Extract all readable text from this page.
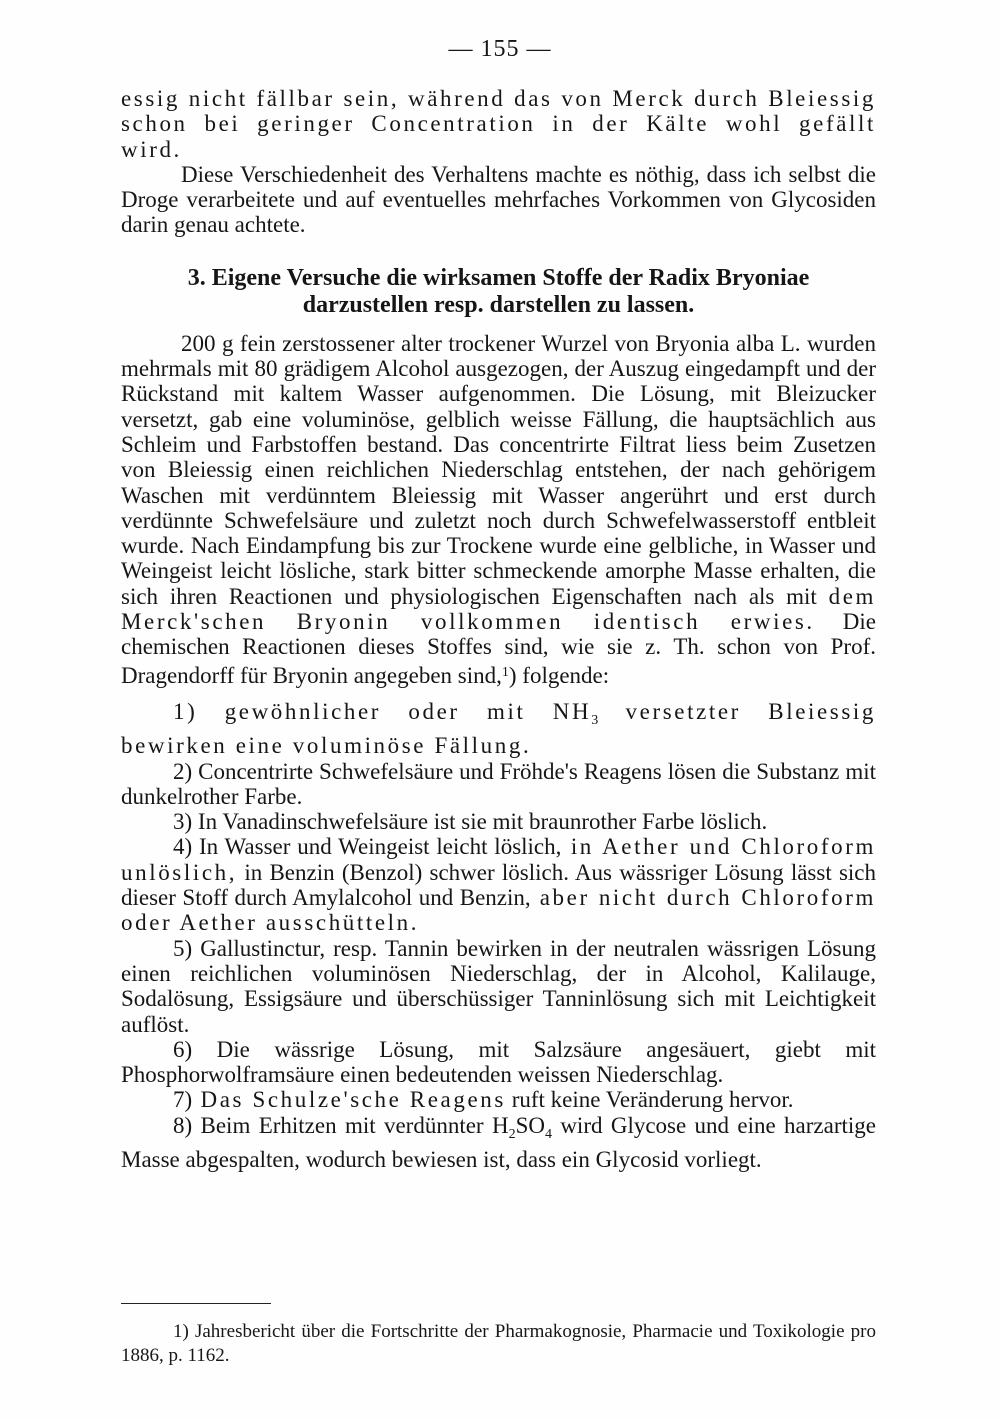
— 155 —

essig nicht fällbar sein, während das von Merck durch Bleiessig schon bei geringer Concentration in der Kälte wohl gefällt wird.

Diese Verschiedenheit des Verhaltens machte es nöthig, dass ich selbst die Droge verarbeitete und auf eventuelles mehrfaches Vorkommen von Glycosiden darin genau achtete.

3. Eigene Versuche die wirksamen Stoffe der Radix Bryoniae
darzustellen resp. darstellen zu lassen.

200 g fein zerstossener alter trockener Wurzel von Bryonia alba L. wurden mehrmals mit 80 grädigem Alcohol ausgezogen, der Auszug eingedampft und der Rückstand mit kaltem Wasser aufgenommen. Die Lösung, mit Bleizucker versetzt, gab eine voluminöse, gelblich weisse Fällung, die hauptsächlich aus Schleim und Farbstoffen bestand. Das concentrirte Filtrat liess beim Zusetzen von Bleiessig einen reichlichen Niederschlag entstehen, der nach gehörigem Waschen mit verdünntem Bleiessig mit Wasser angerührt und erst durch verdünnte Schwefelsäure und zuletzt noch durch Schwefelwasserstoff entbleit wurde. Nach Eindampfung bis zur Trockene wurde eine gelbliche, in Wasser und Weingeist leicht lösliche, stark bitter schmeckende amorphe Masse erhalten, die sich ihren Reactionen und physiologischen Eigenschaften nach als mit dem Merck'schen Bryonin vollkommen identisch erwies. Die chemischen Reactionen dieses Stoffes sind, wie sie z. Th. schon von Prof. Dragendorff für Bryonin angegeben sind,$^1$) folgende:

1) gewöhnlicher oder mit $NH_3$ versetzter Bleiessig bewirken eine voluminöse Fällung.

2) Concentrirte Schwefelsäure und Fröhde's Reagens lösen die Substanz mit dunkelrother Farbe.

3) In Vanadinschwefelsäure ist sie mit braunrother Farbe löslich.

4) In Wasser und Weingeist leicht löslich, in Aether und Chloroform unlöslich, in Benzin (Benzol) schwer löslich. Aus wässriger Lösung lässt sich dieser Stoff durch Amylalcohol und Benzin, aber nicht durch Chloroform oder Aether ausschütteln.

5) Gallustinctur, resp. Tannin bewirken in der neutralen wässrigen Lösung einen reichlichen voluminösen Niederschlag, der in Alcohol, Kalilauge, Sodalösung, Essigsäure und überschüssiger Tanninlösung sich mit Leichtigkeit auflöst.

6) Die wässrige Lösung, mit Salzsäure angesäuert, giebt mit Phosphorwolframsäure einen bedeutenden weissen Niederschlag.

7) Das Schulze'sche Reagens ruft keine Veränderung hervor.

8) Beim Erhitzen mit verdünnter $H_2SO_4$ wird Glycose und eine harzartige Masse abgespalten, wodurch bewiesen ist, dass ein Glycosid vorliegt.

1) Jahresbericht über die Fortschritte der Pharmakognosie, Pharmacie und Toxikologie pro 1886, p. 1162.
